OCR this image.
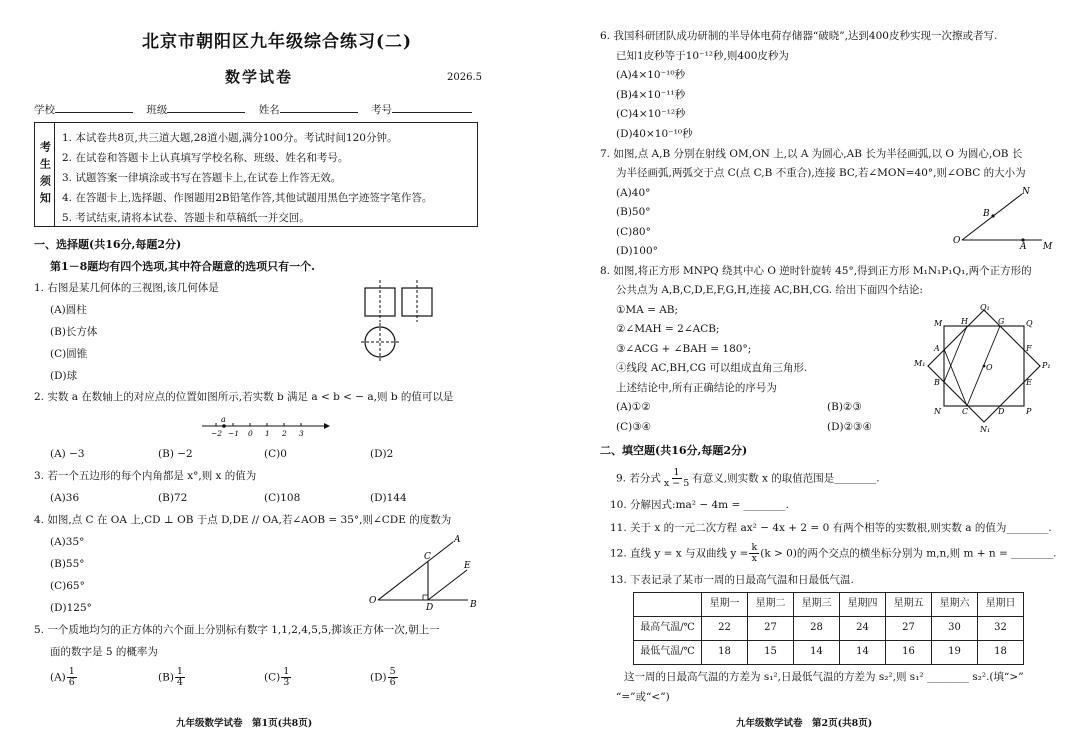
北京市朝阳区九年级综合练习(二)
数学试卷	2026.5
学校	班级	姓名	考号
考生须知
1. 本试卷共8页,共三道大题,28道小题,满分100分。考试时间120分钟。
2. 在试卷和答题卡上认真填写学校名称、班级、姓名和考号。
3. 试题答案一律填涂或书写在答题卡上,在试卷上作答无效。
4. 在答题卡上,选择题、作图题用2B铅笔作答,其他试题用黑色字迹签字笔作答。
5. 考试结束,请将本试卷、答题卡和草稿纸一并交回。
一、选择题(共16分,每题2分)
第1－8题均有四个选项,其中符合题意的选项只有一个.
1. 右图是某几何体的三视图,该几何体是
(A)圆柱
(B)长方体
(C)圆锥
(D)球
2. 实数 a 在数轴上的对应点的位置如图所示,若实数 b 满足 a < b < − a,则 b 的值可以是
a
−2 −1 0 1 2 3
(A) −3	(B) −2	(C)0	(D)2
3. 若一个五边形的每个内角都是 x°,则 x 的值为
(A)36	(B)72	(C)108	(D)144
4. 如图,点 C 在 OA 上,CD ⊥ OB 于点 D,DE // OA,若∠AOB = 35°,则∠CDE 的度数为
(A)35°
(B)55°
(C)65°
(D)125°
A
C
E
O
D	B
5. 一个质地均匀的正方体的六个面上分别标有数字 1,1,2,4,5,5,掷该正方体一次,朝上一
面的数字是 5 的概率为
$(A) \frac{1}{6}$	$(B) \frac{1}{4}$	$(C) \frac{1}{3}$	$(D) \frac{5}{6}$
九年级数学试卷　第1页(共8页)
6. 我国科研团队成功研制的半导体电荷存储器“破晓”,达到400皮秒实现一次擦或者写.
已知1皮秒等于10⁻¹²秒,则400皮秒为
(A)4×10⁻¹⁰秒
(B)4×10⁻¹¹秒
(C)4×10⁻¹²秒
(D)40×10⁻¹⁰秒
7. 如图,点 A,B 分别在射线 OM,ON 上,以 A 为圆心,AB 长为半径画弧,以 O 为圆心,OB 长
为半径画弧,两弧交于点 C(点 C,B 不重合),连接 BC,若∠MON=40°,则∠OBC 的大小为
(A)40°
(B)50°
(C)80°
(D)100°
N
B
O
A M
8. 如图,将正方形 MNPQ 绕其中心 O 逆时针旋转 45°,得到正方形 M₁N₁P₁Q₁,两个正方形的
公共点为 A,B,C,D,E,F,G,H,连接 AC,BH,CG. 给出下面四个结论:
①MA = AB;
②∠MAH = 2∠ACB;
③∠ACG + ∠BAH = 180°;
④线段 AC,BH,CG 可以组成直角三角形.
上述结论中,所有正确结论的序号为
(A)①②	(B)②③
(C)③④	(D)②③④
Q₁
M H	G	Q
M₁
A	F
P₁
B
O
E
N	C	D	P
N₁
二、填空题(共16分,每题2分)
9. 若分式 $\frac{1}{x - 5}$ 有意义,则实数 x 的取值范围是________.
10. 分解因式:ma² − 4m = ________.
11. 关于 x 的一元二次方程 ax² − 4x + 2 = 0 有两个相等的实数根,则实数 a 的值为________.
12. 直线 y = x 与双曲线 $y = \frac{k}{x} (k > 0)$的两个交点的横坐标分别为 m,n,则 m + n = ________.
13. 下表记录了某市一周的日最高气温和日最低气温.
这一周的日最高气温的方差为 s₁²,日最低气温的方差为 s₂²,则 s₁² ________ s₂².(填“>”
“=”或“<”)
九年级数学试卷　第2页(共8页)
	星期一	星期二	星期三	星期四	星期五	星期六	星期日
最高气温/℃	22	27	28	24	27	30	32
最低气温/℃	18	15	14	14	16	19	18
